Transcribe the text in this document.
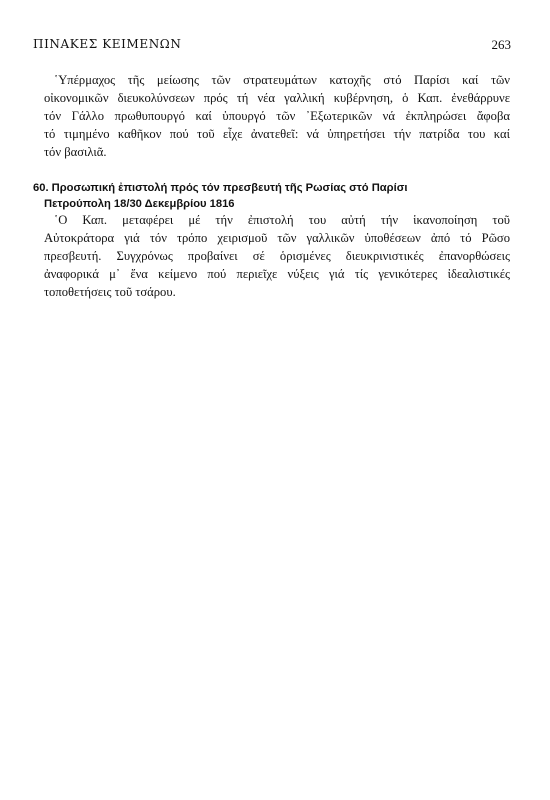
ΠΙΝΑΚΕΣ ΚΕΙΜΕΝΩΝ	263
῾Υπέρμαχος τῆς μείωσης τῶν στρατευμάτων κατοχῆς στό Παρίσι καί τῶν
οἰκονομικῶν διευκολύνσεων πρός τή νέα γαλλική κυβέρνηση, ὁ Καπ. ἐνεθάρρυνε
τόν Γάλλο πρωθυπουργό καί ὑπουργό τῶν ᾿Εξωτερικῶν νά ἐκπληρώσει ἄφοβα
τό τιμημένο καθῆκον πού τοῦ εἶχε ἀνατεθεῖ: νά ὑπηρετήσει τήν πατρίδα του καί
τόν βασιλιᾶ.
60. Προσωπική ἐπιστολή πρός τόν πρεσβευτή τῆς Ρωσίας στό Παρίσι
Πετρούπολη 18/30 Δεκεμβρίου 1816
῾Ο Καπ. μεταφέρει μέ τήν ἐπιστολή του αὐτή τήν ἱκανοποίηση τοῦ
Αὐτοκράτορα γιά τόν τρόπο χειρισμοῦ τῶν γαλλικῶν ὑποθέσεων ἀπό τό Ρῶσο
πρεσβευτή. Συγχρόνως προβαίνει σέ ὁρισμένες διευκρινιστικές ἐπανορθώσεις
ἀναφορικά μ᾿ ἕνα κείμενο πού περιεῖχε νύξεις γιά τίς γενικότερες ἰδεαλιστικές
τοποθετήσεις τοῦ τσάρου.
